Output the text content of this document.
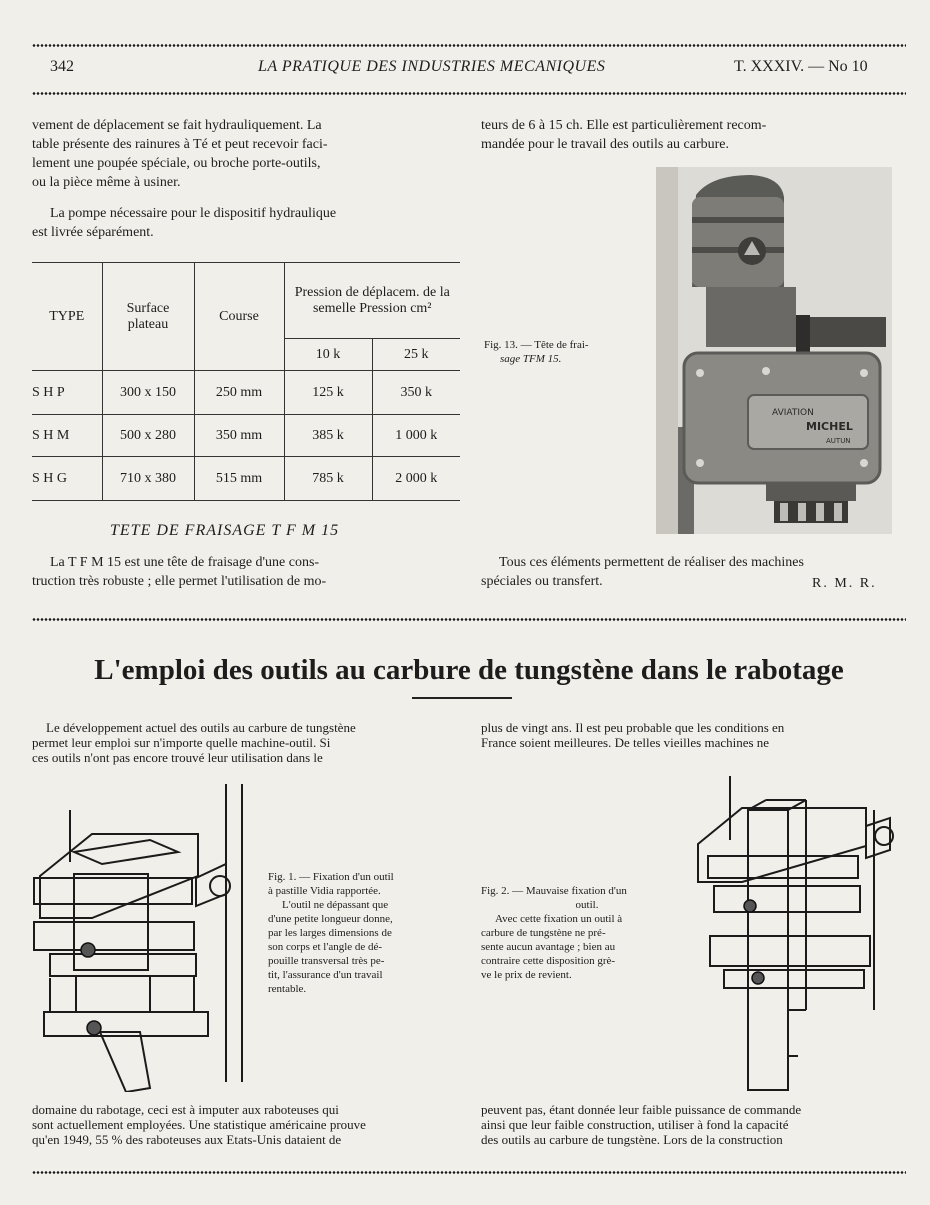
342	LA PRATIQUE DES INDUSTRIES MECANIQUES	T. XXXIV. — No 10
vement de déplacement se fait hydrauliquement. La
table présente des rainures à Té et peut recevoir faci-
lement une poupée spéciale, ou broche porte-outils,
ou la pièce même à usiner.
La pompe nécessaire pour le dispositif hydraulique
est livrée séparément.
TYPE	Surface plateau	Course	Pression de déplacem. de la semelle Pression cm²	
			10 k	25 k
S H P	300 x 150	250 mm	125 k	350 k
S H M	500 x 280	350 mm	385 k	1 000 k
S H G	710 x 380	515 mm	785 k	2 000 k
TETE DE FRAISAGE T F M 15
La T F M 15 est une tête de fraisage d'une cons-
truction très robuste ; elle permet l'utilisation de mo-
teurs de 6 à 15 ch. Elle est particulièrement recom-
mandée pour le travail des outils au carbure.
Fig. 13. — Tête de frai-
sage TFM 15.
AVIATION
MICHEL
AUTUN
Tous ces éléments permettent de réaliser des machines
spéciales ou transfert.	R. M. R.
L'emploi des outils au carbure de tungstène dans le rabotage
Le développement actuel des outils au carbure de tungstène
permet leur emploi sur n'importe quelle machine-outil. Si
ces outils n'ont pas encore trouvé leur utilisation dans le
plus de vingt ans. Il est peu probable que les conditions en
France soient meilleures. De telles vieilles machines ne
Fig. 1. — Fixation d'un outil
à pastille Vidia rapportée.
L'outil ne dépassant que
d'une petite longueur donne,
par les larges dimensions de
son corps et l'angle de dé-
pouille transversal très pe-
tit, l'assurance d'un travail
rentable.
Fig. 2. — Mauvaise fixation d'un
outil.
Avec cette fixation un outil à
carbure de tungstène ne pré-
sente aucun avantage ; bien au
contraire cette disposition grè-
ve le prix de revient.
domaine du rabotage, ceci est à imputer aux raboteuses qui
sont actuellement employées. Une statistique américaine prouve
qu'en 1949, 55 % des raboteuses aux Etats-Unis dataient de
peuvent pas, étant donnée leur faible puissance de commande
ainsi que leur faible construction, utiliser à fond la capacité
des outils au carbure de tungstène. Lors de la construction
